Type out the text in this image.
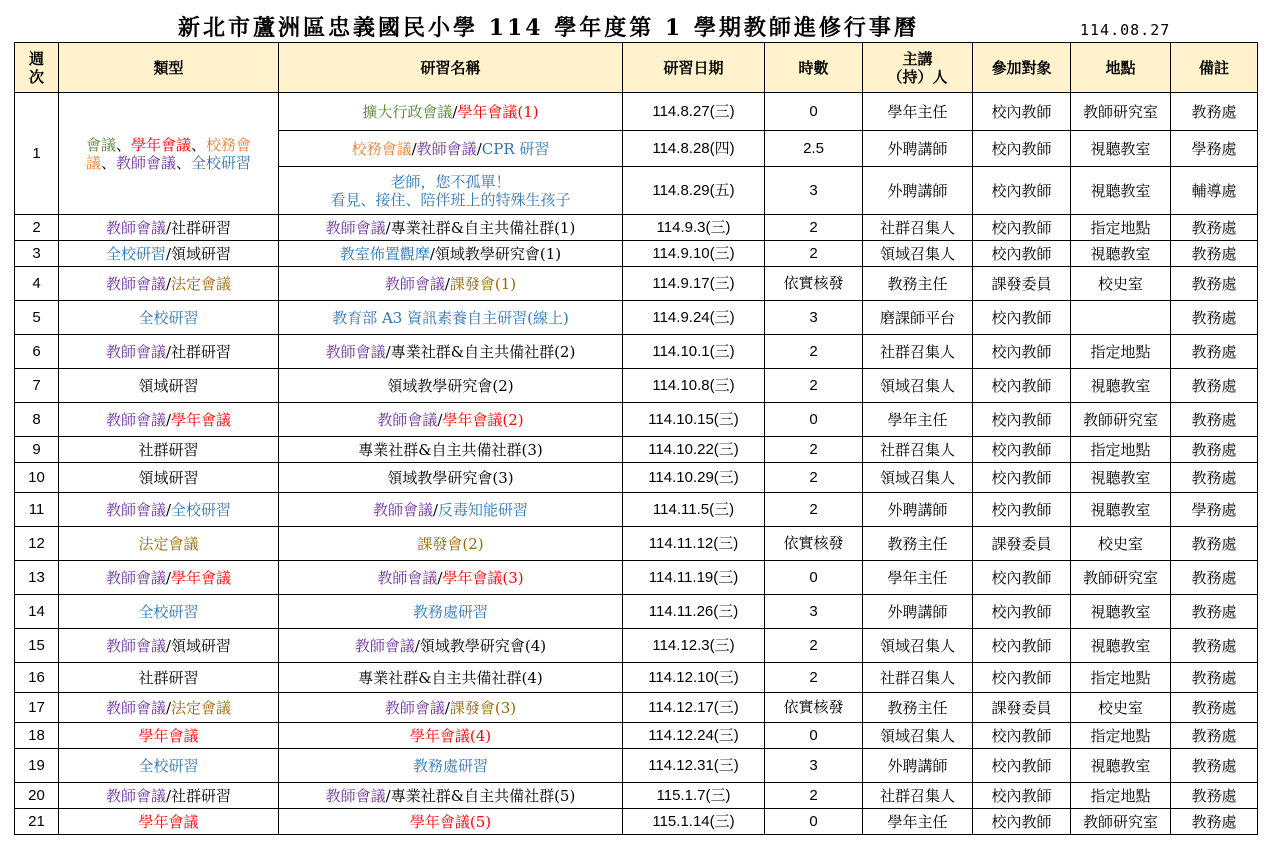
新北市蘆洲區忠義國民小學 114 學年度第 1 學期教師進修行事曆	114.08.27
週
次	類型	研習名稱	研習日期	時數	主講
（持）人	參加對象	地點	備註
1	會議、學年會議、校務會議、教師會議、全校研習	擴大行政會議/學年會議(1)	114.8.27(三)	0	學年主任	校內教師	教師研究室	教務處
		校務會議/教師會議/CPR 研習	114.8.28(四)	2.5	外聘講師	校內教師	視聽教室	學務處
		老師，您不孤單！
看見、接住、陪伴班上的特殊生孩子	114.8.29(五)	3	外聘講師	校內教師	視聽教室	輔導處
2	教師會議/社群研習	教師會議/專業社群&自主共備社群(1)	114.9.3(三)	2	社群召集人	校內教師	指定地點	教務處
3	全校研習/領域研習	教室佈置觀摩/領域教學研究會(1)	114.9.10(三)	2	領域召集人	校內教師	視聽教室	教務處
4	教師會議/法定會議	教師會議/課發會(1)	114.9.17(三)	依實核發	教務主任	課發委員	校史室	教務處
5	全校研習	教育部 A3 資訊素養自主研習(線上)	114.9.24(三)	3	磨課師平台	校內教師		教務處
6	教師會議/社群研習	教師會議/專業社群&自主共備社群(2)	114.10.1(三)	2	社群召集人	校內教師	指定地點	教務處
7	領域研習	領域教學研究會(2)	114.10.8(三)	2	領域召集人	校內教師	視聽教室	教務處
8	教師會議/學年會議	教師會議/學年會議(2)	114.10.15(三)	0	學年主任	校內教師	教師研究室	教務處
9	社群研習	專業社群&自主共備社群(3)	114.10.22(三)	2	社群召集人	校內教師	指定地點	教務處
10	領域研習	領域教學研究會(3)	114.10.29(三)	2	領域召集人	校內教師	視聽教室	教務處
11	教師會議/全校研習	教師會議/反毒知能研習	114.11.5(三)	2	外聘講師	校內教師	視聽教室	學務處
12	法定會議	課發會(2)	114.11.12(三)	依實核發	教務主任	課發委員	校史室	教務處
13	教師會議/學年會議	教師會議/學年會議(3)	114.11.19(三)	0	學年主任	校內教師	教師研究室	教務處
14	全校研習	教務處研習	114.11.26(三)	3	外聘講師	校內教師	視聽教室	教務處
15	教師會議/領域研習	教師會議/領域教學研究會(4)	114.12.3(三)	2	領域召集人	校內教師	視聽教室	教務處
16	社群研習	專業社群&自主共備社群(4)	114.12.10(三)	2	社群召集人	校內教師	指定地點	教務處
17	教師會議/法定會議	教師會議/課發會(3)	114.12.17(三)	依實核發	教務主任	課發委員	校史室	教務處
18	學年會議	學年會議(4)	114.12.24(三)	0	領域召集人	校內教師	指定地點	教務處
19	全校研習	教務處研習	114.12.31(三)	3	外聘講師	校內教師	視聽教室	教務處
20	教師會議/社群研習	教師會議/專業社群&自主共備社群(5)	115.1.7(三)	2	社群召集人	校內教師	指定地點	教務處
21	學年會議	學年會議(5)	115.1.14(三)	0	學年主任	校內教師	教師研究室	教務處
